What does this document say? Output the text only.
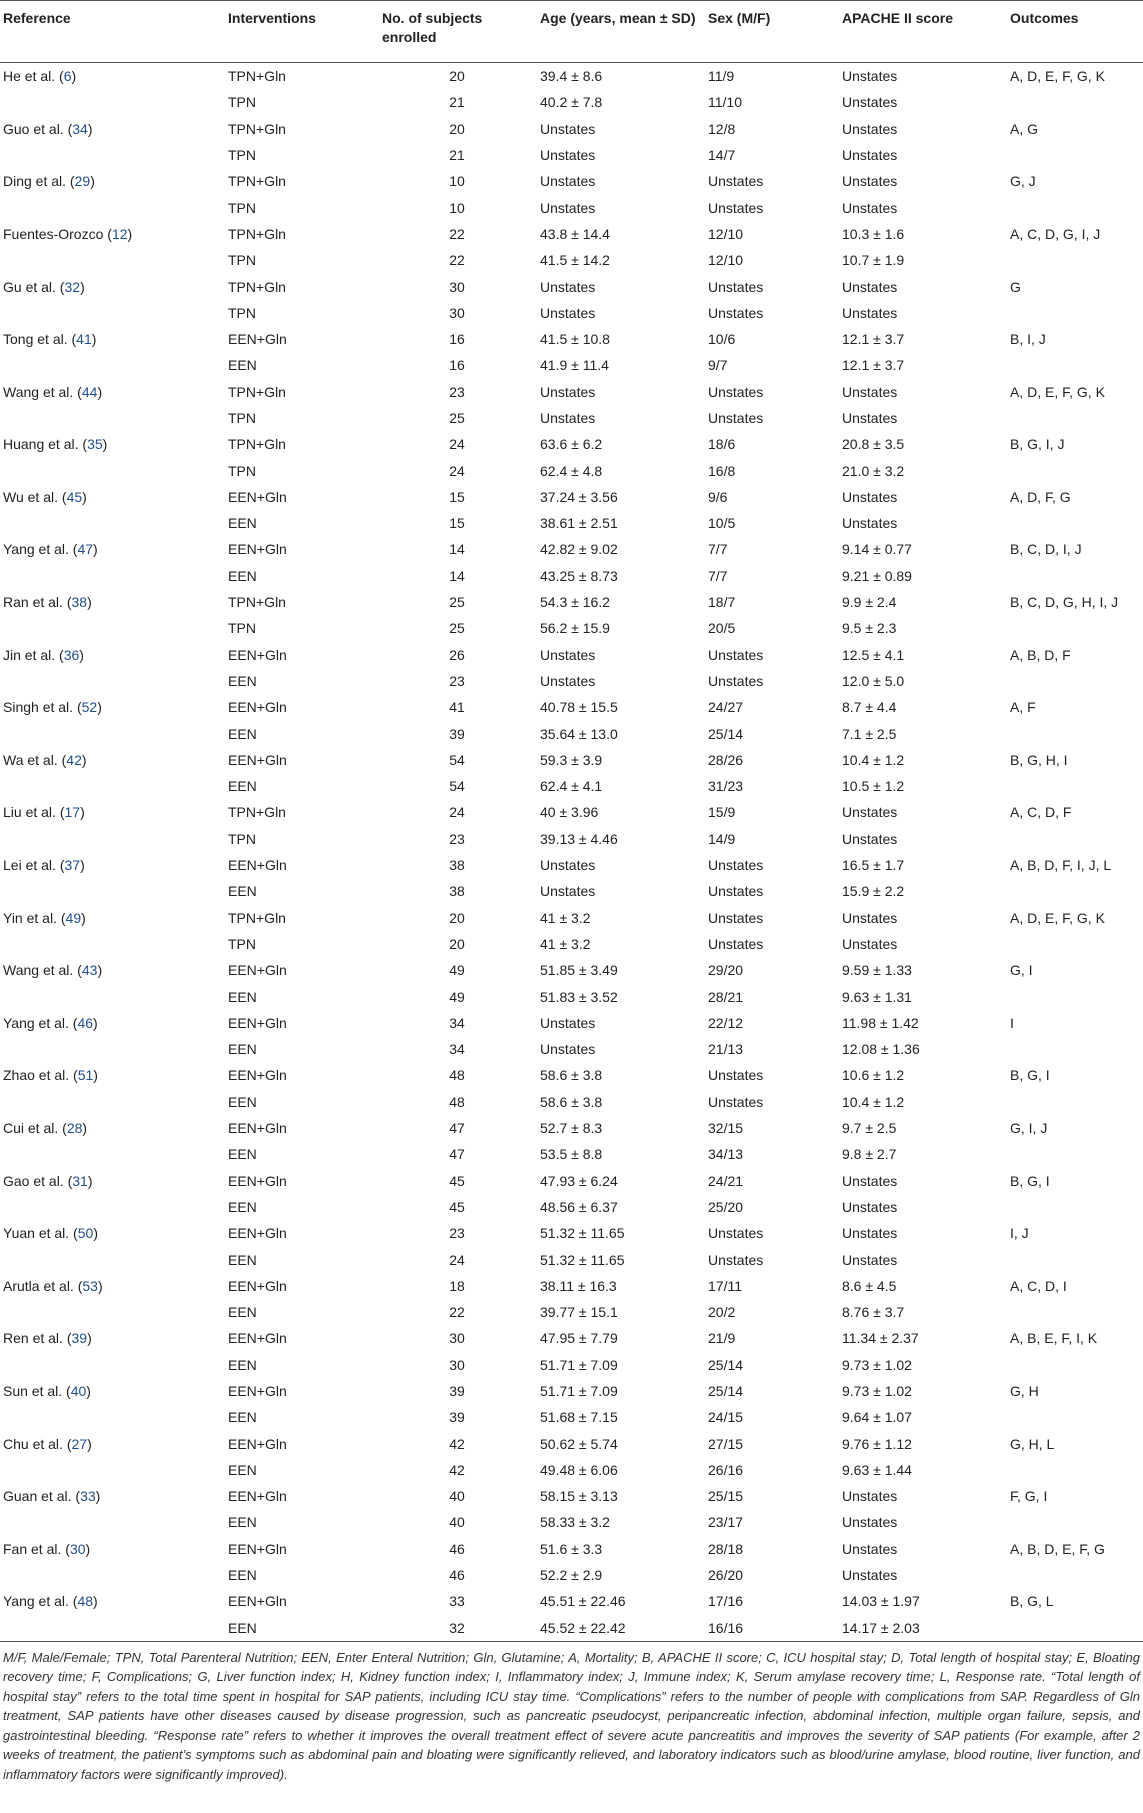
Reference	Interventions	No. of subjects enrolled	Age (years, mean ± SD)	Sex (M/F)	APACHE II score	Outcomes
He et al. (6)	TPN+Gln	20	39.4 ± 8.6	11/9	Unstates	A, D, E, F, G, K
	TPN	21	40.2 ± 7.8	11/10	Unstates	
Guo et al. (34)	TPN+Gln	20	Unstates	12/8	Unstates	A, G
	TPN	21	Unstates	14/7	Unstates	
Ding et al. (29)	TPN+Gln	10	Unstates	Unstates	Unstates	G, J
	TPN	10	Unstates	Unstates	Unstates	
Fuentes-Orozco (12)	TPN+Gln	22	43.8 ± 14.4	12/10	10.3 ± 1.6	A, C, D, G, I, J
	TPN	22	41.5 ± 14.2	12/10	10.7 ± 1.9	
Gu et al. (32)	TPN+Gln	30	Unstates	Unstates	Unstates	G
	TPN	30	Unstates	Unstates	Unstates	
Tong et al. (41)	EEN+Gln	16	41.5 ± 10.8	10/6	12.1 ± 3.7	B, I, J
	EEN	16	41.9 ± 11.4	9/7	12.1 ± 3.7	
Wang et al. (44)	TPN+Gln	23	Unstates	Unstates	Unstates	A, D, E, F, G, K
	TPN	25	Unstates	Unstates	Unstates	
Huang et al. (35)	TPN+Gln	24	63.6 ± 6.2	18/6	20.8 ± 3.5	B, G, I, J
	TPN	24	62.4 ± 4.8	16/8	21.0 ± 3.2	
Wu et al. (45)	EEN+Gln	15	37.24 ± 3.56	9/6	Unstates	A, D, F, G
	EEN	15	38.61 ± 2.51	10/5	Unstates	
Yang et al. (47)	EEN+Gln	14	42.82 ± 9.02	7/7	9.14 ± 0.77	B, C, D, I, J
	EEN	14	43.25 ± 8.73	7/7	9.21 ± 0.89	
Ran et al. (38)	TPN+Gln	25	54.3 ± 16.2	18/7	9.9 ± 2.4	B, C, D, G, H, I, J
	TPN	25	56.2 ± 15.9	20/5	9.5 ± 2.3	
Jin et al. (36)	EEN+Gln	26	Unstates	Unstates	12.5 ± 4.1	A, B, D, F
	EEN	23	Unstates	Unstates	12.0 ± 5.0	
Singh et al. (52)	EEN+Gln	41	40.78 ± 15.5	24/27	8.7 ± 4.4	A, F
	EEN	39	35.64 ± 13.0	25/14	7.1 ± 2.5	
Wa et al. (42)	EEN+Gln	54	59.3 ± 3.9	28/26	10.4 ± 1.2	B, G, H, I
	EEN	54	62.4 ± 4.1	31/23	10.5 ± 1.2	
Liu et al. (17)	TPN+Gln	24	40 ± 3.96	15/9	Unstates	A, C, D, F
	TPN	23	39.13 ± 4.46	14/9	Unstates	
Lei et al. (37)	EEN+Gln	38	Unstates	Unstates	16.5 ± 1.7	A, B, D, F, I, J, L
	EEN	38	Unstates	Unstates	15.9 ± 2.2	
Yin et al. (49)	TPN+Gln	20	41 ± 3.2	Unstates	Unstates	A, D, E, F, G, K
	TPN	20	41 ± 3.2	Unstates	Unstates	
Wang et al. (43)	EEN+Gln	49	51.85 ± 3.49	29/20	9.59 ± 1.33	G, I
	EEN	49	51.83 ± 3.52	28/21	9.63 ± 1.31	
Yang et al. (46)	EEN+Gln	34	Unstates	22/12	11.98 ± 1.42	I
	EEN	34	Unstates	21/13	12.08 ± 1.36	
Zhao et al. (51)	EEN+Gln	48	58.6 ± 3.8	Unstates	10.6 ± 1.2	B, G, I
	EEN	48	58.6 ± 3.8	Unstates	10.4 ± 1.2	
Cui et al. (28)	EEN+Gln	47	52.7 ± 8.3	32/15	9.7 ± 2.5	G, I, J
	EEN	47	53.5 ± 8.8	34/13	9.8 ± 2.7	
Gao et al. (31)	EEN+Gln	45	47.93 ± 6.24	24/21	Unstates	B, G, I
	EEN	45	48.56 ± 6.37	25/20	Unstates	
Yuan et al. (50)	EEN+Gln	23	51.32 ± 11.65	Unstates	Unstates	I, J
	EEN	24	51.32 ± 11.65	Unstates	Unstates	
Arutla et al. (53)	EEN+Gln	18	38.11 ± 16.3	17/11	8.6 ± 4.5	A, C, D, I
	EEN	22	39.77 ± 15.1	20/2	8.76 ± 3.7	
Ren et al. (39)	EEN+Gln	30	47.95 ± 7.79	21/9	11.34 ± 2.37	A, B, E, F, I, K
	EEN	30	51.71 ± 7.09	25/14	9.73 ± 1.02	
Sun et al. (40)	EEN+Gln	39	51.71 ± 7.09	25/14	9.73 ± 1.02	G, H
	EEN	39	51.68 ± 7.15	24/15	9.64 ± 1.07	
Chu et al. (27)	EEN+Gln	42	50.62 ± 5.74	27/15	9.76 ± 1.12	G, H, L
	EEN	42	49.48 ± 6.06	26/16	9.63 ± 1.44	
Guan et al. (33)	EEN+Gln	40	58.15 ± 3.13	25/15	Unstates	F, G, I
	EEN	40	58.33 ± 3.2	23/17	Unstates	
Fan et al. (30)	EEN+Gln	46	51.6 ± 3.3	28/18	Unstates	A, B, D, E, F, G
	EEN	46	52.2 ± 2.9	26/20	Unstates	
Yang et al. (48)	EEN+Gln	33	45.51 ± 22.46	17/16	14.03 ± 1.97	B, G, L
	EEN	32	45.52 ± 22.42	16/16	14.17 ± 2.03	
M/F, Male/Female; TPN, Total Parenteral Nutrition; EEN, Enter Enteral Nutrition; Gln, Glutamine; A, Mortality; B, APACHE II score; C, ICU hospital stay; D, Total length of hospital stay; E, Bloating recovery time; F, Complications; G, Liver function index; H, Kidney function index; I, Inflammatory index; J, Immune index; K, Serum amylase recovery time; L, Response rate. “Total length of hospital stay” refers to the total time spent in hospital for SAP patients, including ICU stay time. “Complications” refers to the number of people with complications from SAP. Regardless of Gln treatment, SAP patients have other diseases caused by disease progression, such as pancreatic pseudocyst, peripancreatic infection, abdominal infection, multiple organ failure, sepsis, and gastrointestinal bleeding. “Response rate” refers to whether it improves the overall treatment effect of severe acute pancreatitis and improves the severity of SAP patients (For example, after 2 weeks of treatment, the patient’s symptoms such as abdominal pain and bloating were significantly relieved, and laboratory indicators such as blood/urine amylase, blood routine, liver function, and inflammatory factors were significantly improved).
